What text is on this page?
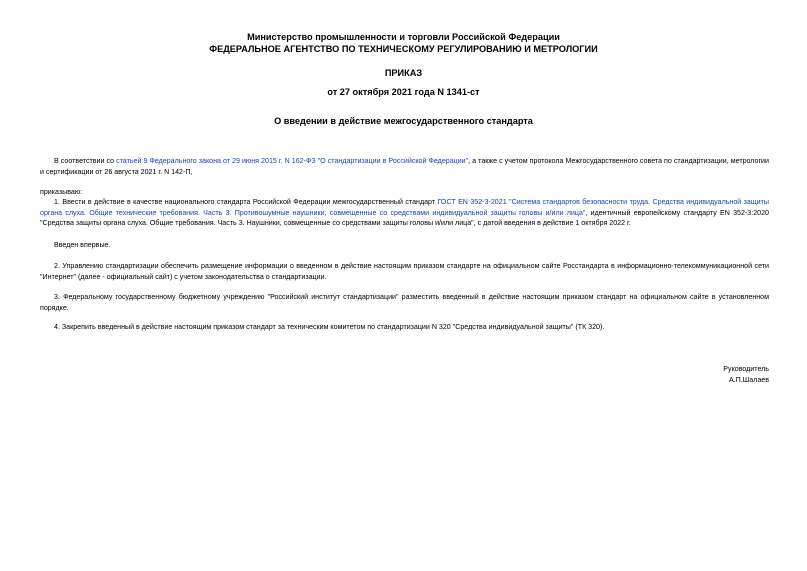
Министерство промышленности и торговли Российской Федерации
ФЕДЕРАЛЬНОЕ АГЕНТСТВО ПО ТЕХНИЧЕСКОМУ РЕГУЛИРОВАНИЮ И МЕТРОЛОГИИ
ПРИКАЗ
от 27 октября 2021 года N 1341-ст
О введении в действие межгосударственного стандарта
В соответствии со статьей 9 Федерального закона от 29 июня 2015 г. N 162-ФЗ "О стандартизации в Российской Федерации", а также с учетом протокола Межгосударственного совета по стандартизации, метрологии и сертификации от 26 августа 2021 г. N 142-П,
приказываю:
1. Ввести в действие в качестве национального стандарта Российской Федерации межгосударственный стандарт ГОСТ EN 352-3-2021 "Система стандартов безопасности труда. Средства индивидуальной защиты органа слуха. Общие технические требования. Часть 3. Противошумные наушники, совмещенные со средствами индивидуальной защиты головы и/или лица", идентичный европейскому стандарту EN 352-3:2020 "Средства защиты органа слуха. Общие требования. Часть 3. Наушники, совмещенные со средствами защиты головы и/или лица", с датой введения в действие 1 октября 2022 г.
Введен впервые.
2. Управлению стандартизации обеспечить размещение информации о введенном в действие настоящим приказом стандарте на официальном сайте Росстандарта в информационно-телекоммуникационной сети "Интернет" (далее - официальный сайт) с учетом законодательства о стандартизации.
3. Федеральному государственному бюджетному учреждению "Российский институт стандартизации" разместить введенный в действие настоящим приказом стандарт на официальном сайте в установленном порядке.
4. Закрепить введенный в действие настоящим приказом стандарт за техническим комитетом по стандартизации N 320 "Средства индивидуальной защиты" (ТК 320).
Руководитель
А.П.Шалаев
